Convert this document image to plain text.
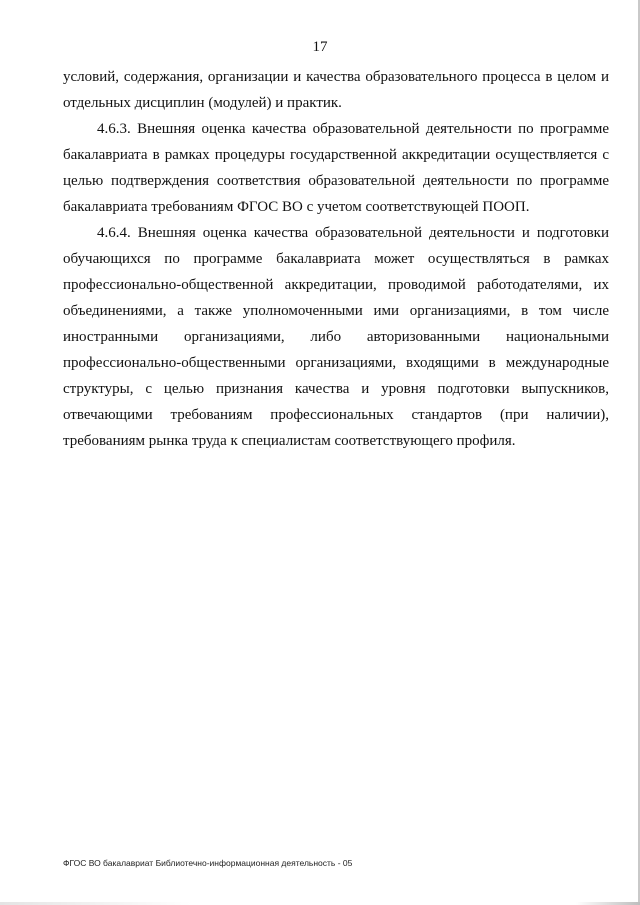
17
условий, содержания, организации и качества образовательного процесса в целом и
отдельных дисциплин (модулей) и практик.
4.6.3. Внешняя оценка качества образовательной деятельности по программе
бакалавриата в рамках процедуры государственной аккредитации осуществляется с
целью подтверждения соответствия образовательной деятельности по программе
бакалавриата требованиям ФГОС ВО с учетом соответствующей ПООП.
4.6.4. Внешняя оценка качества образовательной деятельности и подготовки
обучающихся по программе бакалавриата может осуществляться в рамках
профессионально-общественной аккредитации, проводимой работодателями, их
объединениями, а также уполномоченными ими организациями, в том числе
иностранными организациями, либо авторизованными национальными
профессионально-общественными организациями, входящими в международные
структуры, с целью признания качества и уровня подготовки выпускников,
отвечающими требованиям профессиональных стандартов (при наличии),
требованиям рынка труда к специалистам соответствующего профиля.
ФГОС ВО бакалавриат Библиотечно-информационная деятельность - 05
